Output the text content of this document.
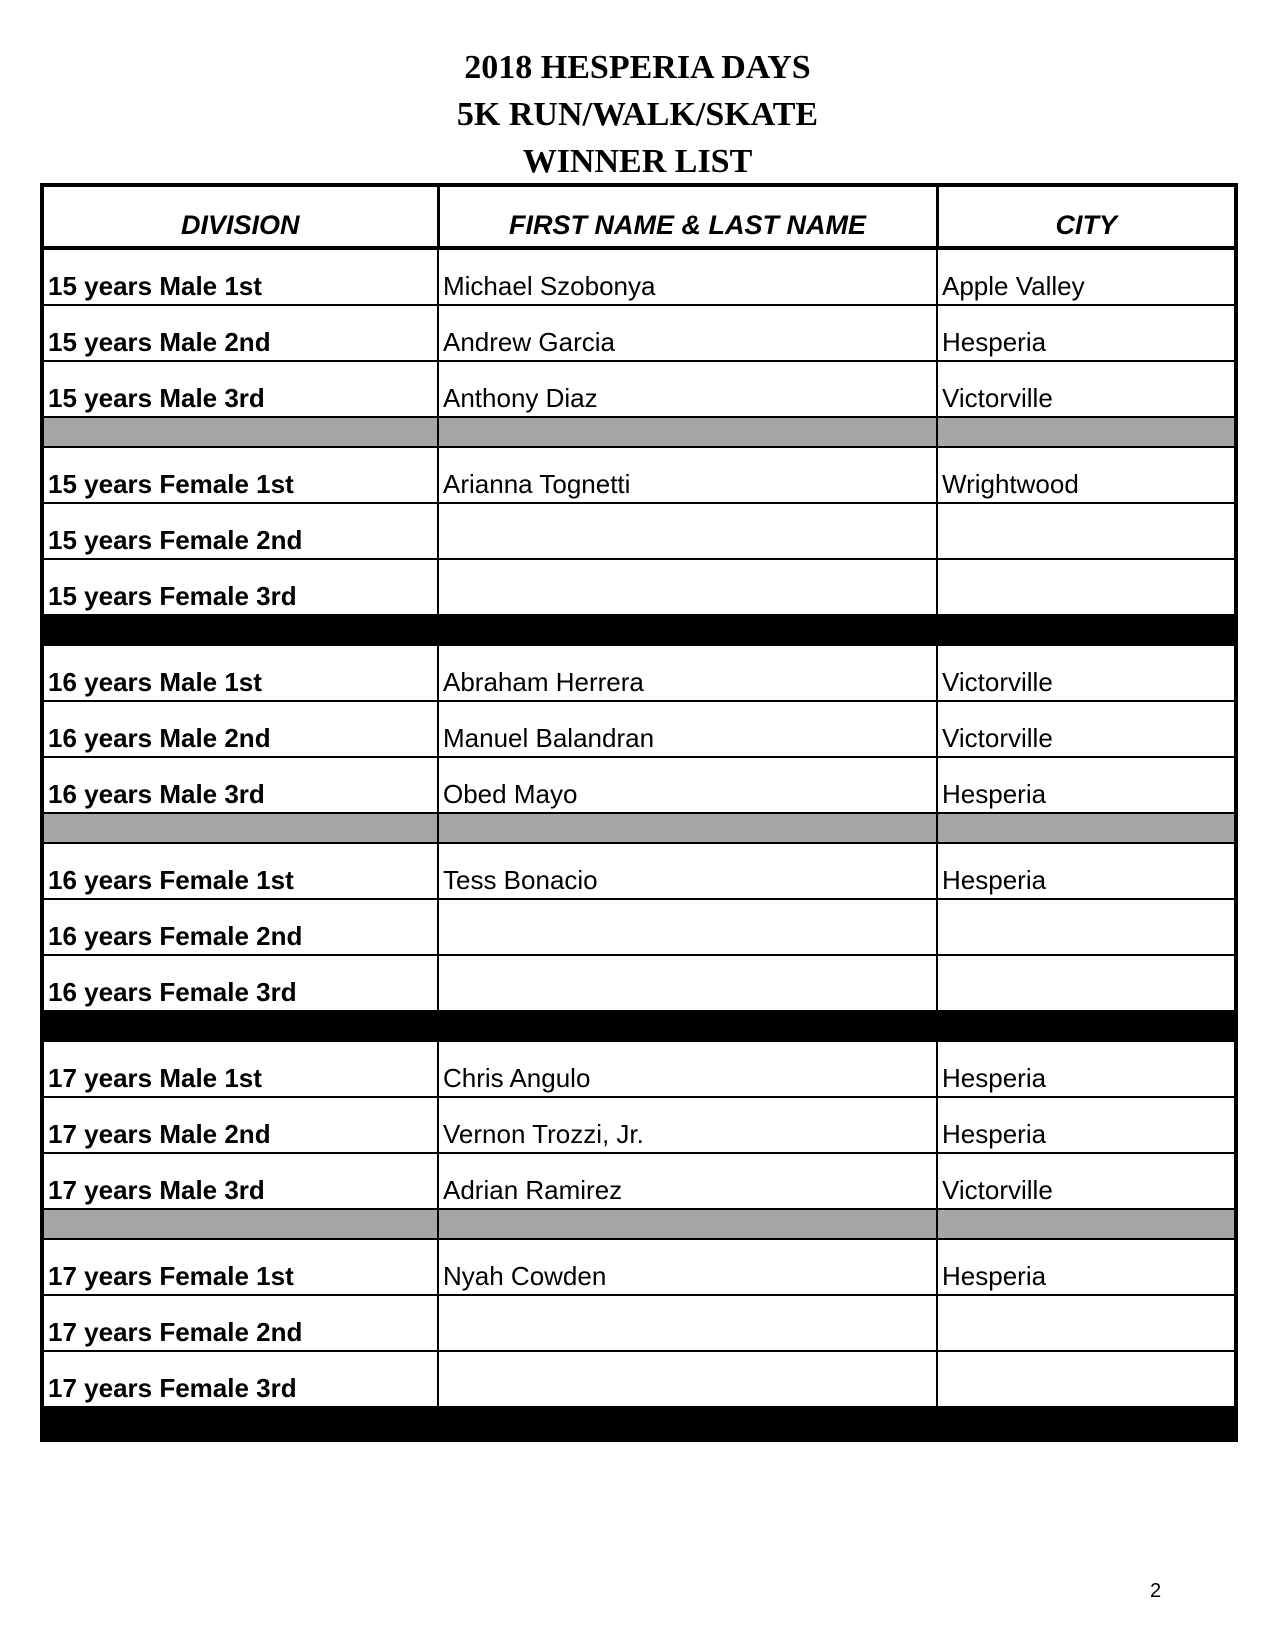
2018 HESPERIA DAYS
5K RUN/WALK/SKATE
WINNER LIST
DIVISION	FIRST NAME & LAST NAME	CITY
15 years Male 1st	Michael Szobonya	Apple Valley
15 years Male 2nd	Andrew Garcia	Hesperia
15 years Male 3rd	Anthony Diaz	Victorville

15 years Female 1st	Arianna Tognetti	Wrightwood
15 years Female 2nd		
15 years Female 3rd		

16 years Male 1st	Abraham Herrera	Victorville
16 years Male 2nd	Manuel Balandran	Victorville
16 years Male 3rd	Obed Mayo	Hesperia

16 years Female 1st	Tess Bonacio	Hesperia
16 years Female 2nd		
16 years Female 3rd		

17 years Male 1st	Chris Angulo	Hesperia
17 years Male 2nd	Vernon Trozzi, Jr.	Hesperia
17 years Male 3rd	Adrian Ramirez	Victorville

17 years Female 1st	Nyah Cowden	Hesperia
17 years Female 2nd		
17 years Female 3rd		

2
